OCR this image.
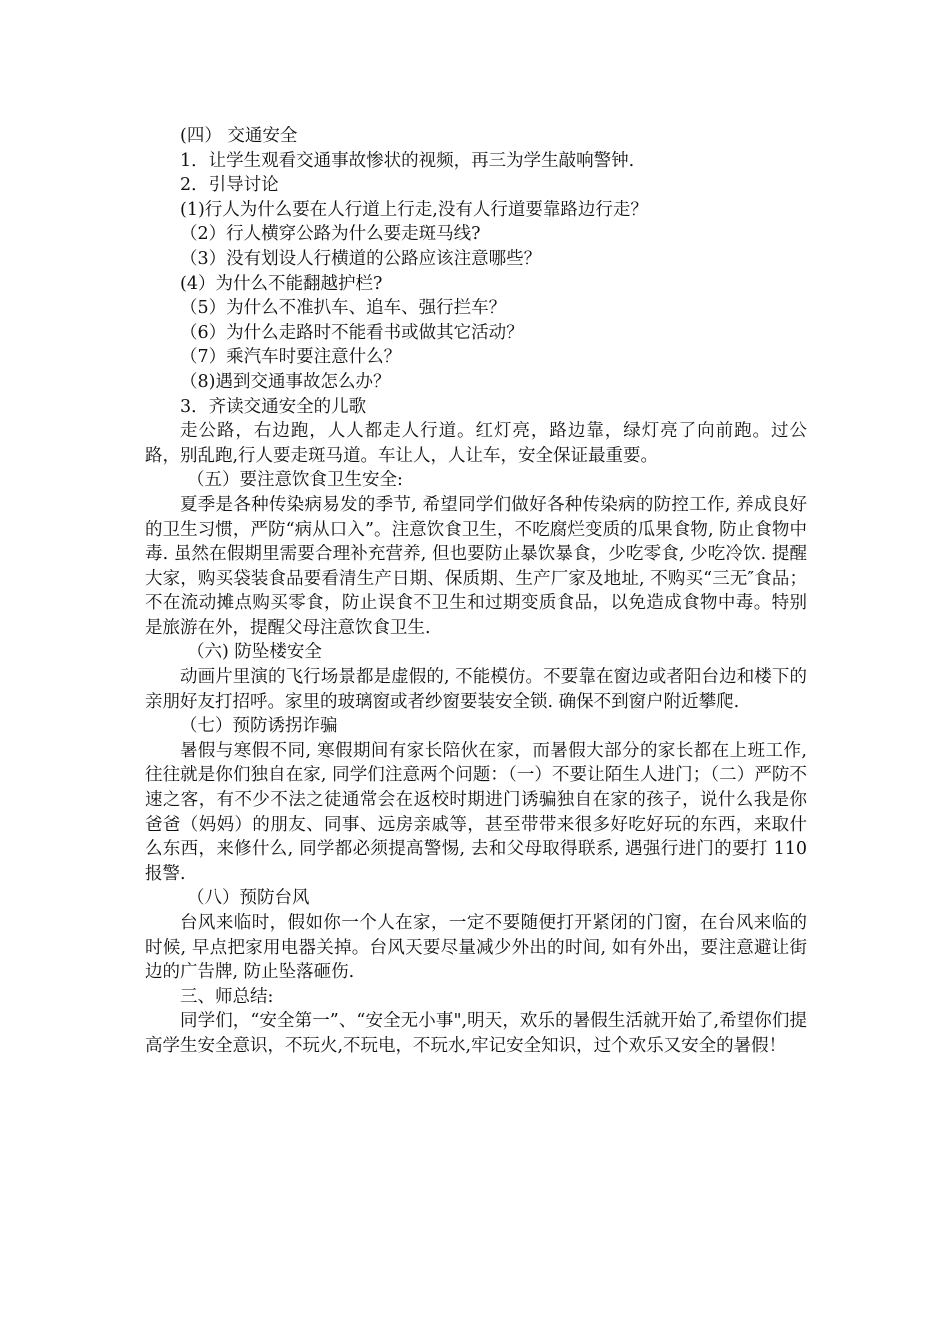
(四） 交通安全

1．让学生观看交通事故惨状的视频，再三为学生敲响警钟.

2．引导讨论

(1)行人为什么要在人行道上行走,没有人行道要靠路边行走？

（2）行人横穿公路为什么要走斑马线?

（3）没有划设人行横道的公路应该注意哪些？

(4）为什么不能翻越护栏?

（5）为什么不准扒车、追车、强行拦车？

（6）为什么走路时不能看书或做其它活动？

（7）乘汽车时要注意什么？

（8)遇到交通事故怎么办？

3．齐读交通安全的儿歌

走公路，右边跑，人人都走人行道。红灯亮，路边靠，绿灯亮了向前跑。过公路，别乱跑,行人要走斑马道。车让人，人让车，安全保证最重要。

（五）要注意饮食卫生安全:

夏季是各种传染病易发的季节, 希望同学们做好各种传染病的防控工作, 养成良好的卫生习惯，严防“病从口入”。注意饮食卫生，不吃腐烂变质的瓜果食物, 防止食物中毒. 虽然在假期里需要合理补充营养, 但也要防止暴饮暴食，少吃零食, 少吃冷饮. 提醒大家，购买袋装食品要看清生产日期、保质期、生产厂家及地址, 不购买“三无″食品；不在流动摊点购买零食，防止误食不卫生和过期变质食品，以免造成食物中毒。特别是旅游在外，提醒父母注意饮食卫生.

（六) 防坠楼安全

动画片里演的飞行场景都是虚假的, 不能模仿。不要靠在窗边或者阳台边和楼下的亲朋好友打招呼。家里的玻璃窗或者纱窗要装安全锁. 确保不到窗户附近攀爬.

（七）预防诱拐诈骗

暑假与寒假不同, 寒假期间有家长陪伙在家，而暑假大部分的家长都在上班工作, 往往就是你们独自在家, 同学们注意两个问题：（一）不要让陌生人进门；（二）严防不速之客，有不少不法之徒通常会在返校时期进门诱骗独自在家的孩子，说什么我是你爸爸（妈妈）的朋友、同事、远房亲戚等，甚至带带来很多好吃好玩的东西，来取什么东西，来修什么, 同学都必须提高警惕, 去和父母取得联系, 遇强行进门的要打 110 报警.

（八）预防台风

台风来临时，假如你一个人在家，一定不要随便打开紧闭的门窗，在台风来临的时候, 早点把家用电器关掉。台风天要尽量减少外出的时间, 如有外出，要注意避让街边的广告牌, 防止坠落砸伤.

三、师总结:

同学们，“安全第一”、“安全无小事",明天，欢乐的暑假生活就开始了,希望你们提高学生安全意识，不玩火,不玩电，不玩水,牢记安全知识，过个欢乐又安全的暑假！
